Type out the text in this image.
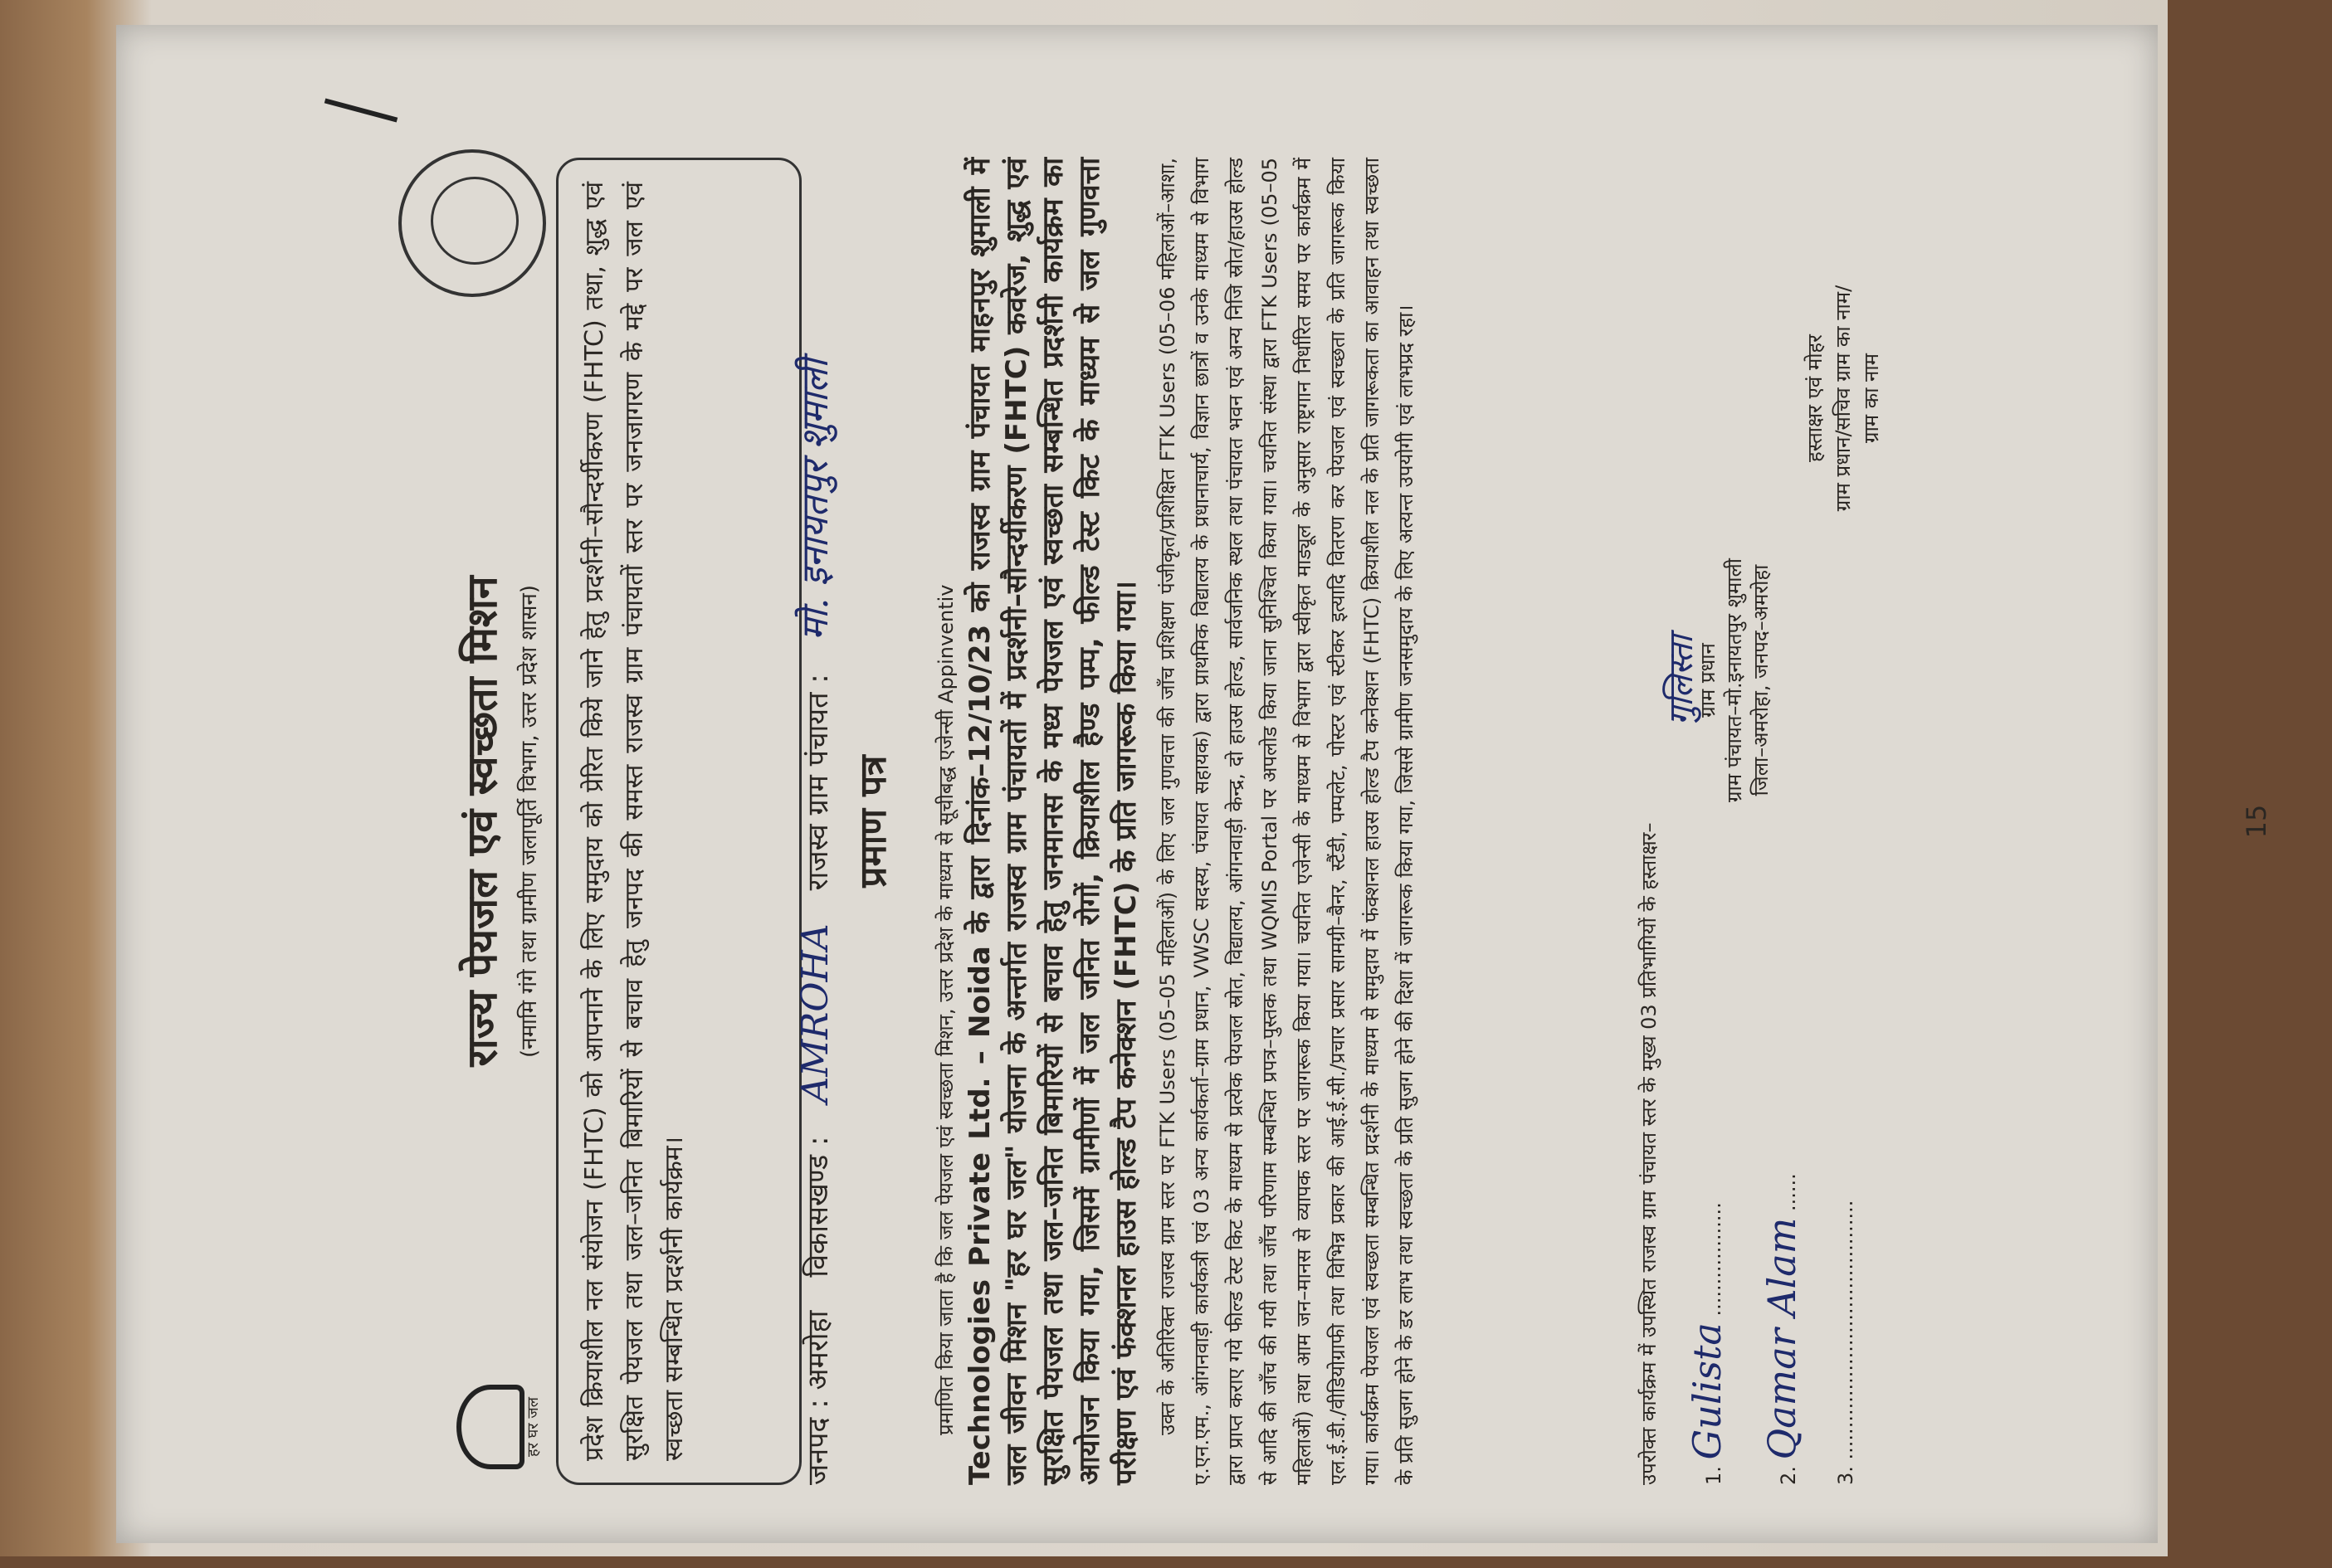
हर घर जल
राज्य पेयजल एवं स्वच्छता मिशन (नमामि गंगे तथा ग्रामीण जलापूर्ति विभाग, उत्तर प्रदेश शासन)	प्रदेश क्रियाशील नल संयोजन (FHTC) को आपनाने के लिए समुदाय को प्रेरित किये जाने हेतु प्रदर्शनी–सौन्दर्यीकरण (FHTC) तथा, शुद्ध एवं सुरक्षित पेयजल तथा जल–जनित बिमारियों से बचाव हेतु जनपद की समस्त राजस्व ग्राम पंचायतों स्तर पर जनजागरण के मद्दे पर जल एवं स्वच्छता सम्बन्धित प्रदर्शनी कार्यक्रम।	जनपद : अमरोहा
विकासखण्ड :
AMROHA
राजस्व ग्राम पंचायत :
मो. इनायतपुर शुमाली
प्रमाण पत्र प्रमाणित किया जाता है कि जल पेयजल एवं स्वच्छता मिशन, उत्तर प्रदेश के माध्यम से सूचीबद्ध एजेन्सी Appinventiv Technologies Private Ltd. – Noida के द्वारा दिनांक–12/10/23 को राजस्व ग्राम पंचायत माहनपुर शुमाली में जल जीवन मिशन "हर घर जल" योजना के अन्तर्गत राजस्व ग्राम पंचायतों में प्रदर्शनी–सौन्दर्यीकरण (FHTC) कवरेज, शुद्ध एवं सुरक्षित पेयजल तथा जल–जनित बिमारियों से बचाव हेतु जनमानस के मध्य पेयजल एवं स्वच्छता सम्बन्धित प्रदर्शनी कार्यक्रम का आयोजन किया गया, जिसमें ग्रामीणों में जल जनित रोगों, क्रियाशील हैण्ड पम्प, फील्ड टेस्ट किट के माध्यम से जल गुणवत्ता परीक्षण एवं फंक्शनल हाउस होल्ड टैप कनेक्शन (FHTC) के प्रति जागरूक किया गया। उक्त के अतिरिक्त राजस्व ग्राम स्तर पर FTK Users (05–05 महिलाओं) के लिए जल गुणवत्ता की जाँच प्रशिक्षण पंजीकृत/प्रशिक्षित FTK Users (05–06 महिलाओं–आशा, ए.एन.एम., आंगनवाड़ी कार्यकत्री एवं 03 अन्य कार्यकर्ता–ग्राम प्रधान, VWSC सदस्य, पंचायत सहायक) द्वारा प्राथमिक विद्यालय के प्रधानाचार्य, विज्ञान छात्रों व उनके माध्यम से विभाग द्वारा प्राप्त कराए गये फील्ड टेस्ट किट के माध्यम से प्रत्येक पेयजल स्रोत, विद्यालय, आंगनवाड़ी केन्द्र, दो हाउस होल्ड, सार्वजनिक स्थल तथा पंचायत भवन एवं अन्य निजि स्रोत/हाउस होल्ड से आदि की जाँच की गयी तथा जाँच परिणाम सम्बन्धित प्रपत्र–पुस्तक तथा WQMIS Portal पर अपलोड किया जाना सुनिश्चित किया गया। चयनित संस्था द्वारा FTK Users (05–05 महिलाओं) तथा आम जन–मानस से व्यापक स्तर पर जागरूक किया गया। चयनित एजेन्सी के माध्यम से विभाग द्वारा स्वीकृत माड्यूल के अनुसार राष्ट्रगान निर्धारित समय पर कार्यक्रम में एल.ई.डी./वीडियोग्राफी तथा विभिन्न प्रकार की आई.ई.सी./प्रचार प्रसार सामग्री–बैनर, स्टैंडी, पम्पलेट, पोस्टर एवं स्टीकर इत्यादि वितरण कर पेयजल एवं स्वच्छता के प्रति जागरूक किया गया। कार्यक्रम पेयजल एवं स्वच्छता सम्बन्धित प्रदर्शनी के माध्यम से समुदाय में फंक्शनल हाउस होल्ड टैप कनेक्शन (FHTC) क्रियाशील नल के प्रति जागरूकता का आवाहन तथा स्वच्छता के प्रति सुजग होने के डर लाभ तथा स्वच्छता के प्रति सुजग होने की दिशा में जागरूक किया गया, जिससे ग्रामीण जनसमुदाय के लिए अत्यन्त उपयोगी एवं लाभप्रद रहा।	उपरोक्त कार्यक्रम में उपस्थित राजस्व ग्राम पंचायत स्तर के मुख्य 03 प्रतिभागियों के हस्ताक्षर–	1. Gulista ..................
2. Qamar Alam ......
3. .........................................
गुलिस्ता
ग्राम प्रधान ग्राम पंचायत–मो.इनायतपुर शुमाली जिला–अमरोहा, जनपद–अमरोहा
हस्ताक्षर एवं मोहर ग्राम प्रधान/सचिव ग्राम का नाम/ ग्राम का नाम
15
